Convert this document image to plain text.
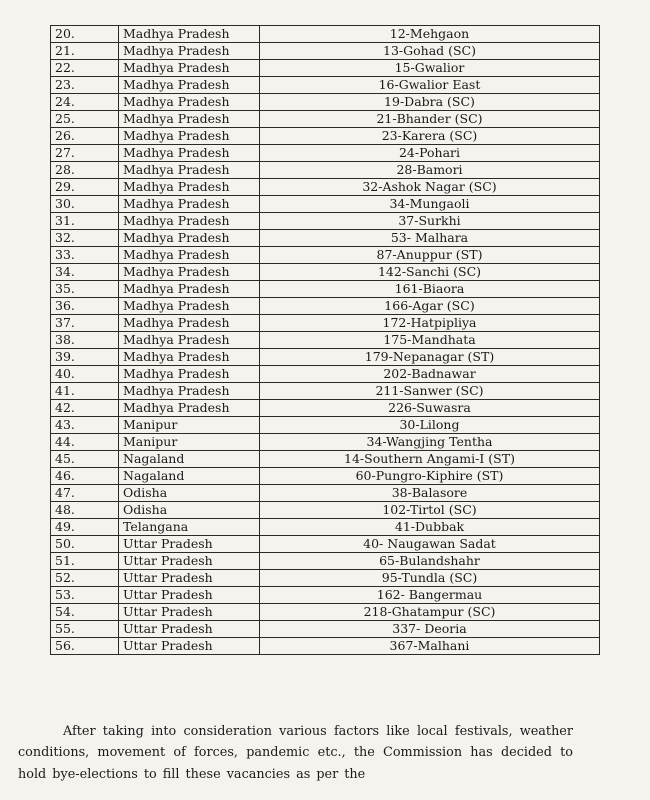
20.	Madhya Pradesh	12-Mehgaon
21.	Madhya Pradesh	13-Gohad (SC)
22.	Madhya Pradesh	15-Gwalior
23.	Madhya Pradesh	16-Gwalior East
24.	Madhya Pradesh	19-Dabra (SC)
25.	Madhya Pradesh	21-Bhander (SC)
26.	Madhya Pradesh	23-Karera (SC)
27.	Madhya Pradesh	24-Pohari
28.	Madhya Pradesh	28-Bamori
29.	Madhya Pradesh	32-Ashok Nagar (SC)
30.	Madhya Pradesh	34-Mungaoli
31.	Madhya Pradesh	37-Surkhi
32.	Madhya Pradesh	53- Malhara
33.	Madhya Pradesh	87-Anuppur (ST)
34.	Madhya Pradesh	142-Sanchi (SC)
35.	Madhya Pradesh	161-Biaora
36.	Madhya Pradesh	166-Agar (SC)
37.	Madhya Pradesh	172-Hatpipliya
38.	Madhya Pradesh	175-Mandhata
39.	Madhya Pradesh	179-Nepanagar (ST)
40.	Madhya Pradesh	202-Badnawar
41.	Madhya Pradesh	211-Sanwer (SC)
42.	Madhya Pradesh	226-Suwasra
43.	Manipur	30-Lilong
44.	Manipur	34-Wangjing Tentha
45.	Nagaland	14-Southern Angami-I (ST)
46.	Nagaland	60-Pungro-Kiphire (ST)
47.	Odisha	38-Balasore
48.	Odisha	102-Tirtol (SC)
49.	Telangana	41-Dubbak
50.	Uttar Pradesh	40- Naugawan Sadat
51.	Uttar Pradesh	65-Bulandshahr
52.	Uttar Pradesh	95-Tundla (SC)
53.	Uttar Pradesh	162- Bangermau
54.	Uttar Pradesh	218-Ghatampur (SC)
55.	Uttar Pradesh	337- Deoria
56.	Uttar Pradesh	367-Malhani

After taking into consideration various factors like local festivals, weather conditions, movement of forces, pandemic etc., the Commission has decided to hold bye-elections to fill these vacancies as per the
